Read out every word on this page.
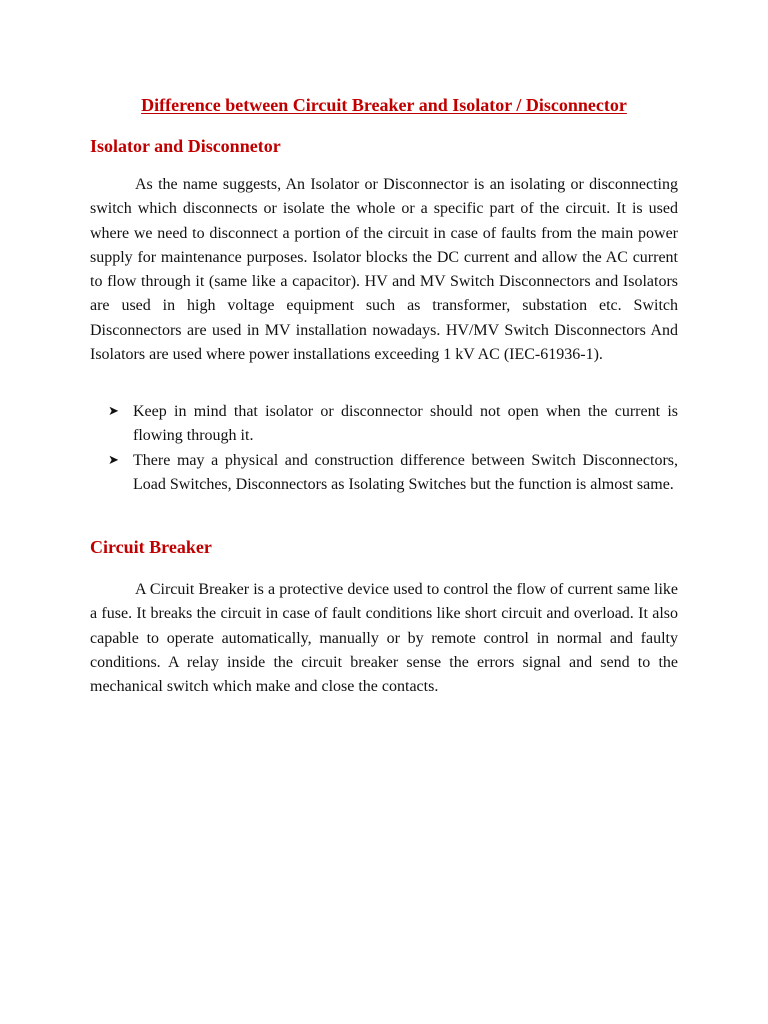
Difference between Circuit Breaker and Isolator / Disconnector
Isolator and Disconnetor

As the name suggests, An Isolator or Disconnector is an isolating or disconnecting switch which disconnects or isolate the whole or a specific part of the circuit. It is used where we need to disconnect a portion of the circuit in case of faults from the main power supply for maintenance purposes. Isolator blocks the DC current and allow the AC current to flow through it (same like a capacitor). HV and MV Switch Disconnectors and Isolators are used in high voltage equipment such as transformer, substation etc. Switch Disconnectors are used in MV installation nowadays. HV/MV Switch Disconnectors And Isolators are used where power installations exceeding 1 kV AC (IEC-61936-1).

➤ Keep in mind that isolator or disconnector should not open when the current is flowing through it.
➤ There may a physical and construction difference between Switch Disconnectors, Load Switches, Disconnectors as Isolating Switches but the function is almost same.
Circuit Breaker

A Circuit Breaker is a protective device used to control the flow of current same like a fuse. It breaks the circuit in case of fault conditions like short circuit and overload. It also capable to operate automatically, manually or by remote control in normal and faulty conditions. A relay inside the circuit breaker sense the errors signal and send to the mechanical switch which make and close the contacts.
